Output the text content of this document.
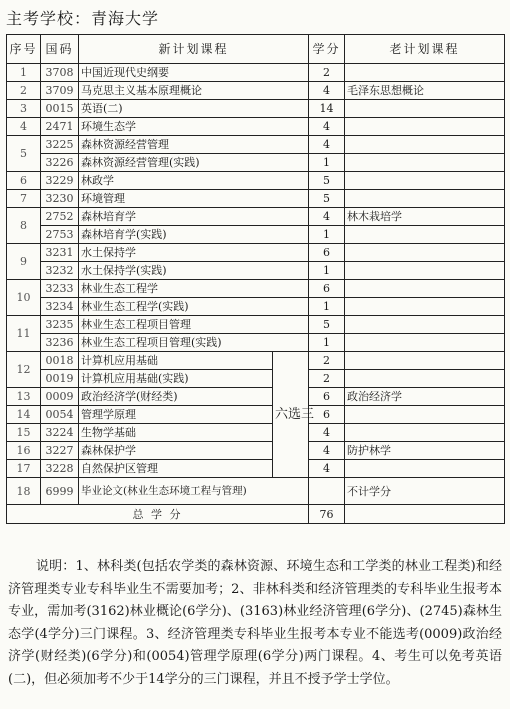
主考学校：青海大学
序号	国码	新计划课程		学分	老计划课程
1	3708	中国近现代史纲要		2	
2	3709	马克思主义基本原理概论		4	毛泽东思想概论
3	0015	英语(二)		14	
4	2471	环境生态学		4	
5	3225	森林资源经营管理		4	
	3226	森林资源经营管理(实践)		1	
6	3229	林政学		5	
7	3230	环境管理		5	
8	2752	森林培育学		4	林木栽培学
	2753	森林培育学(实践)		1	
9	3231	水土保持学		6	
	3232	水土保持学(实践)		1	
10	3233	林业生态工程学		6	
	3234	林业生态工程学(实践)		1	
11	3235	林业生态工程项目管理		5	
	3236	林业生态工程项目管理(实践)		1	
12	0018	计算机应用基础	六选三	2	
	0019	计算机应用基础(实践)		2	
13	0009	政治经济学(财经类)		6	政治经济学
14	0054	管理学原理		6	
15	3224	生物学基础		4	
16	3227	森林保护学		4	防护林学
17	3228	自然保护区管理		4	
18	6999	毕业论文(林业生态环境工程与管理)			不计学分
总 学 分				76	
说明：1、林科类(包括农学类的森林资源、环境生态和工学类的林业工程类)和经济管理类专业专科毕业生不需要加考；2、非林科类和经济管理类的专科毕业生报考本专业，需加考(3162)林业概论(6学分)、(3163)林业经济管理(6学分)、(2745)森林生态学(4学分)三门课程。3、经济管理类专科毕业生报考本专业不能选考(0009)政治经济学(财经类)(6学分)和(0054)管理学原理(6学分)两门课程。4、考生可以免考英语(二)，但必须加考不少于14学分的三门课程，并且不授予学士学位。
